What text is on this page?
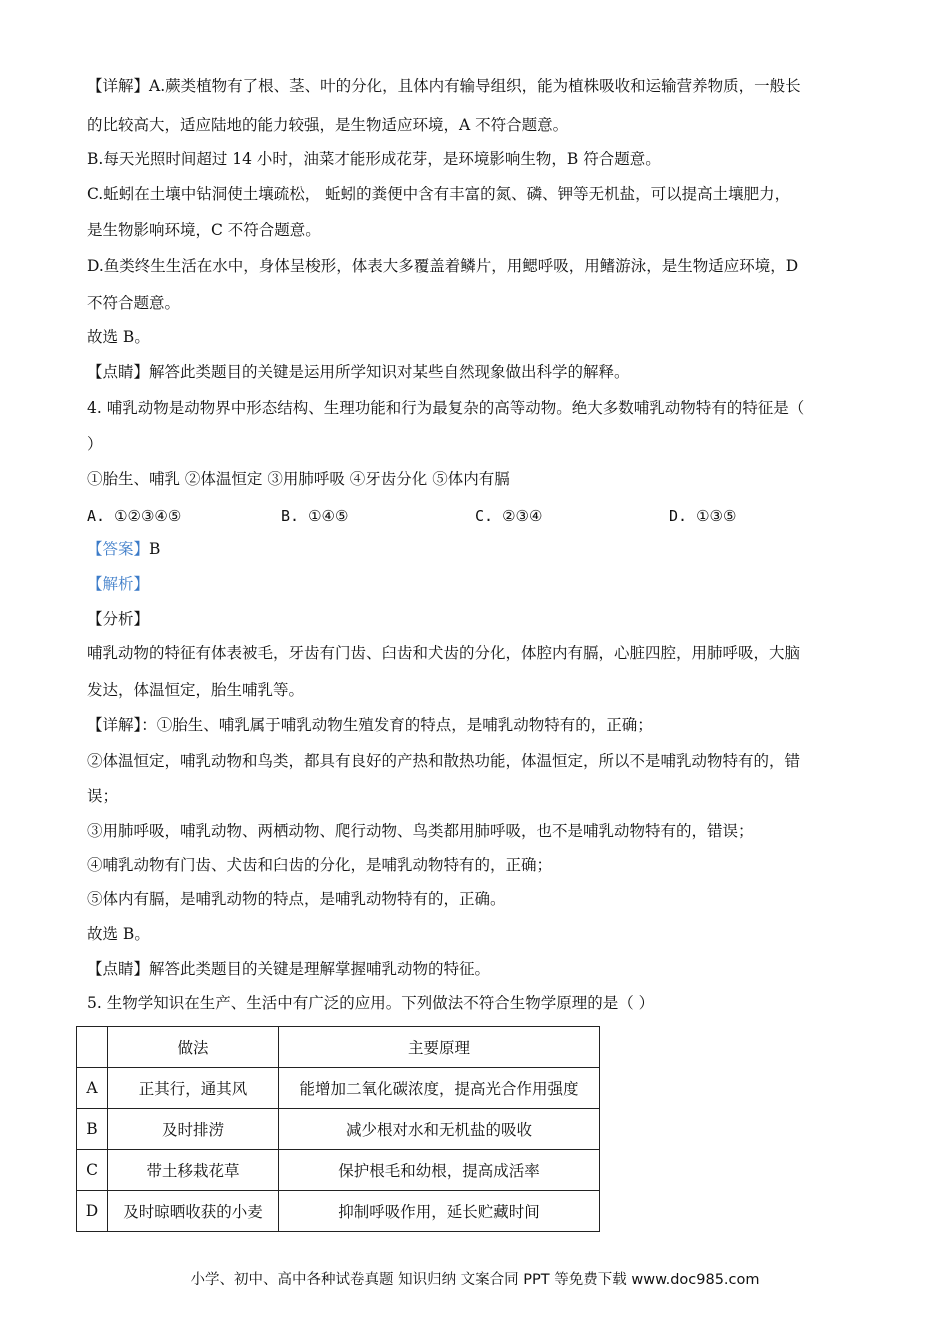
【详解】A.蕨类植物有了根、茎、叶的分化，且体内有输导组织，能为植株吸收和运输营养物质，一般长
的比较高大，适应陆地的能力较强，是生物适应环境，A 不符合题意。
B.每天光照时间超过 14 小时，油菜才能形成花芽，是环境影响生物，B 符合题意。
C.蚯蚓在土壤中钻洞使土壤疏松， 蚯蚓的粪便中含有丰富的氮、磷、钾等无机盐，可以提高土壤肥力，
是生物影响环境，C 不符合题意。
D.鱼类终生生活在水中，身体呈梭形，体表大多覆盖着鳞片，用鳃呼吸，用鳍游泳，是生物适应环境，D
不符合题意。
故选 B。
【点睛】解答此类题目的关键是运用所学知识对某些自然现象做出科学的解释。
4. 哺乳动物是动物界中形态结构、生理功能和行为最复杂的高等动物。绝大多数哺乳动物特有的特征是（
）
①胎生、哺乳 ②体温恒定 ③用肺呼吸 ④牙齿分化 ⑤体内有膈
A. ①②③④⑤	B. ①④⑤	C. ②③④	D. ①③⑤
【答案】B
【解析】
【分析】
哺乳动物的特征有体表被毛，牙齿有门齿、臼齿和犬齿的分化，体腔内有膈，心脏四腔，用肺呼吸，大脑
发达，体温恒定，胎生哺乳等。
【详解】：①胎生、哺乳属于哺乳动物生殖发育的特点，是哺乳动物特有的，正确；
②体温恒定，哺乳动物和鸟类，都具有良好的产热和散热功能，体温恒定，所以不是哺乳动物特有的，错
误；
③用肺呼吸，哺乳动物、两栖动物、爬行动物、鸟类都用肺呼吸，也不是哺乳动物特有的，错误；
④哺乳动物有门齿、犬齿和臼齿的分化，是哺乳动物特有的，正确；
⑤体内有膈，是哺乳动物的特点，是哺乳动物特有的，正确。
故选 B。
【点睛】解答此类题目的关键是理解掌握哺乳动物的特征。
5. 生物学知识在生产、生活中有广泛的应用。下列做法不符合生物学原理的是（ ）
	做法	主要原理
A	正其行，通其风	能增加二氧化碳浓度，提高光合作用强度
B	及时排涝	减少根对水和无机盐的吸收
C	带土移栽花草	保护根毛和幼根，提高成活率
D	及时晾晒收获的小麦	抑制呼吸作用，延长贮藏时间
小学、初中、高中各种试卷真题 知识归纳 文案合同 PPT 等免费下载 www.doc985.com
